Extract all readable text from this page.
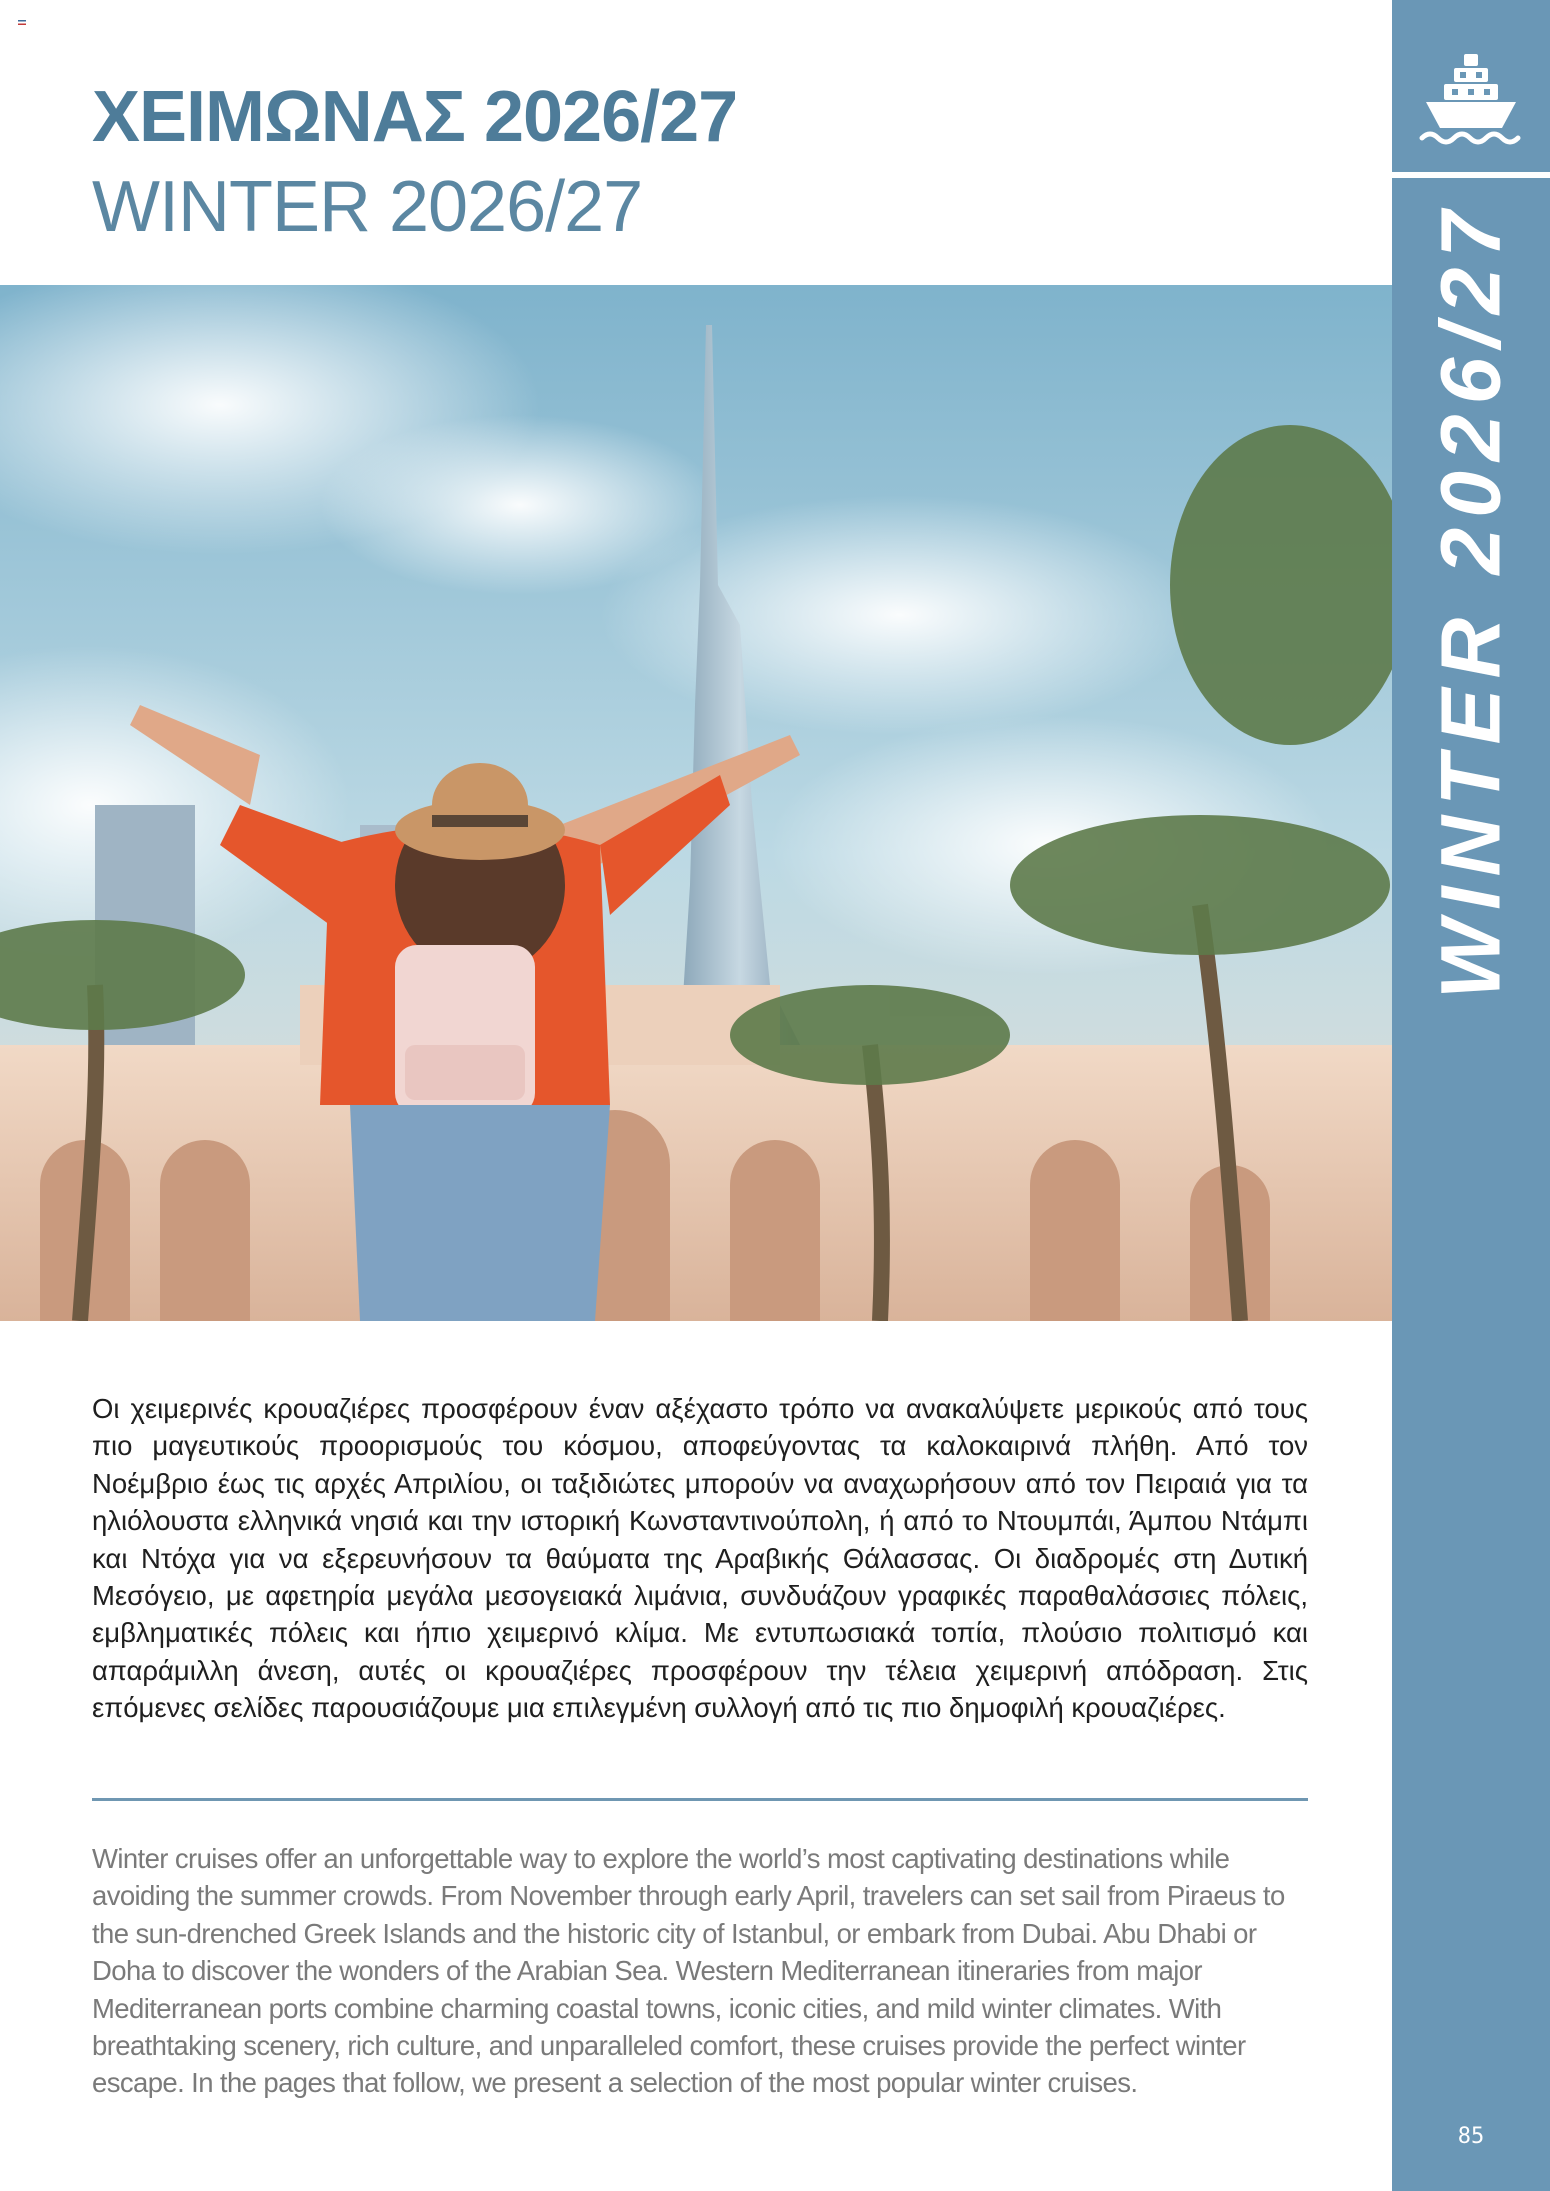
ΧΕΙΜΩΝΑΣ 2026/27
WINTER 2026/27

Οι χειμερινές κρουαζιέρες προσφέρουν έναν αξέχαστο τρόπο να ανακαλύψετε μερικούς από τους πιο μαγευτικούς προορισμούς του κόσμου, αποφεύγοντας τα καλοκαιρινά πλήθη. Από τον Νοέμβριο έως τις αρχές Απριλίου, οι ταξιδιώτες μπορούν να αναχωρήσουν από τον Πειραιά για τα ηλιόλουστα ελληνικά νησιά και την ιστορική Κωνσταντινούπολη, ή από το Ντουμπάι, Άμπου Ντάμπι και Ντόχα για να εξερευνήσουν τα θαύματα της Αραβικής Θάλασσας. Οι διαδρομές στη Δυτική Μεσόγειο, με αφετηρία μεγάλα μεσογειακά λιμάνια, συνδυάζουν γραφικές παραθαλάσσιες πόλεις, εμβληματικές πόλεις και ήπιο χειμερινό κλίμα. Με εντυπωσιακά τοπία, πλούσιο πολιτισμό και απαράμιλλη άνεση, αυτές οι κρουαζιέρες προσφέρουν την τέλεια χειμερινή απόδραση. Στις επόμενες σελίδες παρουσιάζουμε μια επιλεγμένη συλλογή από τις πιο δημοφιλή κρουαζιέρες.

Winter cruises offer an unforgettable way to explore the world’s most captivating destinations while avoiding the summer crowds. From November through early April, travelers can set sail from Piraeus to the sun-drenched Greek Islands and the historic city of Istanbul, or embark from Dubai. Abu Dhabi or Doha to discover the wonders of the Arabian Sea. Western Mediterranean itineraries from major Mediterranean ports combine charming coastal towns, iconic cities, and mild winter climates. With breathtaking scenery, rich culture, and unparalleled comfort, these cruises provide the perfect winter escape. In the pages that follow, we present a selection of the most popular winter cruises.

WINTER 2026/27
85
